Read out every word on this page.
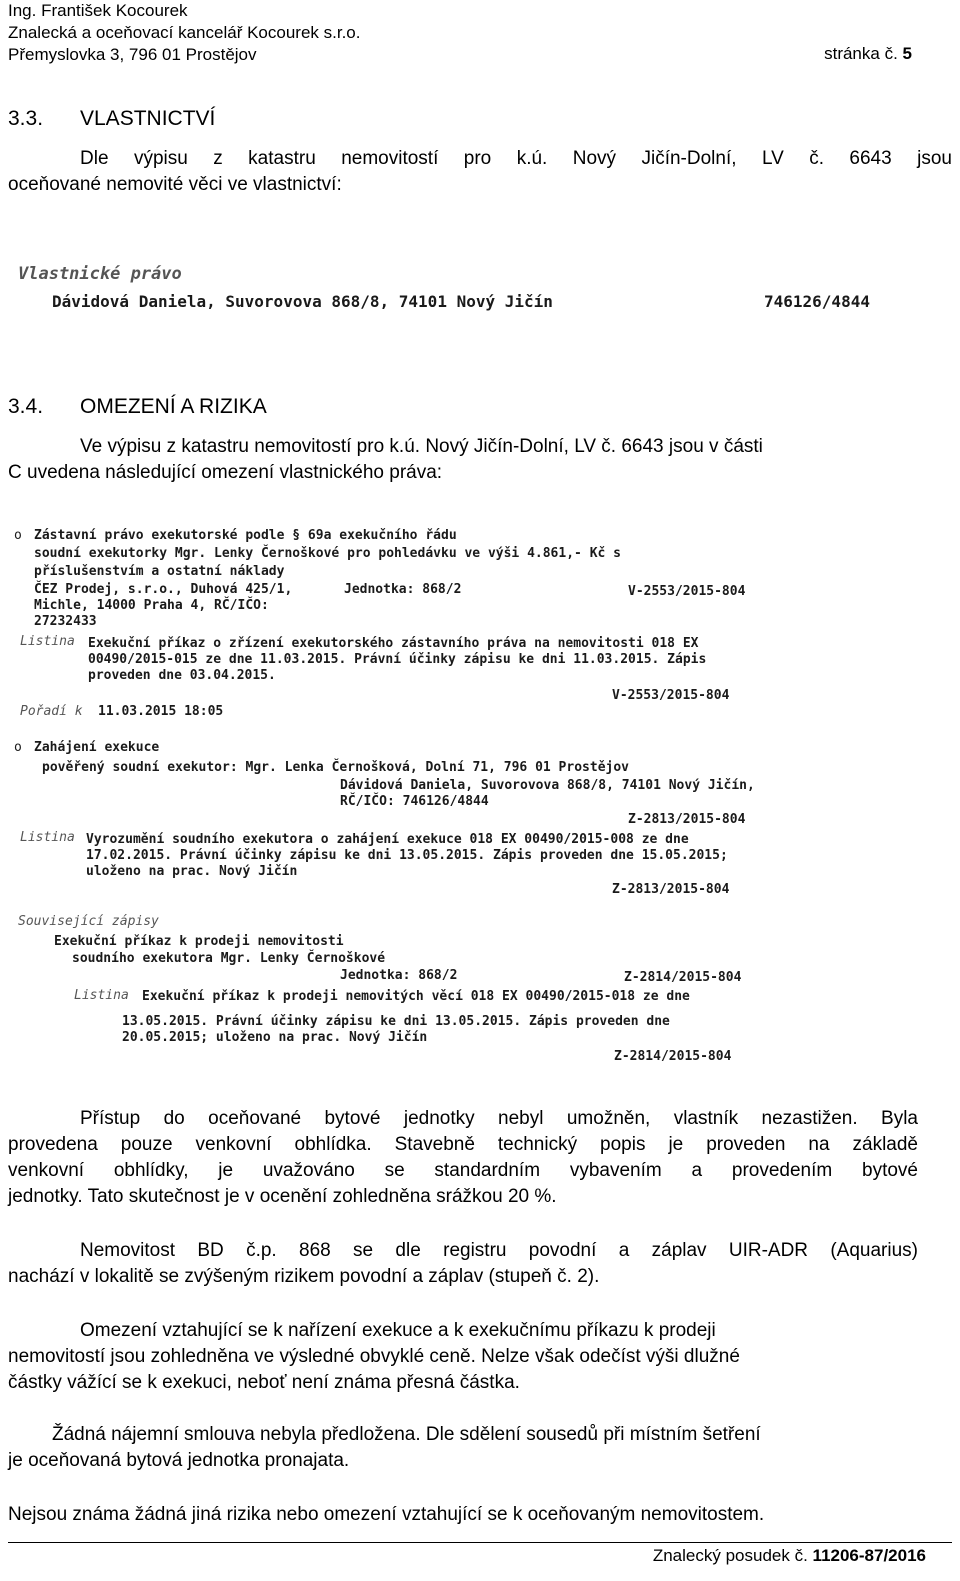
Ing. František Kocourek
Znalecká a oceňovací kancelář Kocourek s.r.o.
Přemyslovka 3, 796 01 Prostějov	stránka č. 5
3.3. VLASTNICTVÍ
Dle výpisu z katastru nemovitostí pro k.ú. Nový Jičín-Dolní, LV č. 6643 jsou
oceňované nemovité věci ve vlastnictví:
Vlastnické právo
Dávidová Daniela, Suvorovova 868/8, 74101 Nový Jičín	746126/4844
3.4. OMEZENÍ A RIZIKA
Ve výpisu z katastru nemovitostí pro k.ú. Nový Jičín-Dolní, LV č. 6643 jsou v části
C uvedena následující omezení vlastnického práva:
o Zástavní právo exekutorské podle § 69a exekučního řádu
soudní exekutorky Mgr. Lenky Černoškové pro pohledávku ve výši 4.861,- Kč s
příslušenstvím a ostatní náklady
ČEZ Prodej, s.r.o., Duhová 425/1,	Jednotka: 868/2	V-2553/2015-804
Michle, 14000 Praha 4, RČ/IČO:
27232433
Listina Exekuční příkaz o zřízení exekutorského zástavního práva na nemovitosti 018 EX
00490/2015-015 ze dne 11.03.2015. Právní účinky zápisu ke dni 11.03.2015. Zápis
proveden dne 03.04.2015.
V-2553/2015-804
Pořadí k 11.03.2015 18:05
o Zahájení exekuce
pověřený soudní exekutor: Mgr. Lenka Černošková, Dolní 71, 796 01 Prostějov
Dávidová Daniela, Suvorovova 868/8, 74101 Nový Jičín,
RČ/IČO: 746126/4844
Z-2813/2015-804
Listina Vyrozumění soudního exekutora o zahájení exekuce 018 EX 00490/2015-008 ze dne
17.02.2015. Právní účinky zápisu ke dni 13.05.2015. Zápis proveden dne 15.05.2015;
uloženo na prac. Nový Jičín
Z-2813/2015-804
Související zápisy
Exekuční příkaz k prodeji nemovitosti
soudního exekutora Mgr. Lenky Černoškové
Jednotka: 868/2	Z-2814/2015-804
Listina Exekuční příkaz k prodeji nemovitých věcí 018 EX 00490/2015-018 ze dne
13.05.2015. Právní účinky zápisu ke dni 13.05.2015. Zápis proveden dne
20.05.2015; uloženo na prac. Nový Jičín
Z-2814/2015-804
Přístup do oceňované bytové jednotky nebyl umožněn, vlastník nezastižen. Byla
provedena pouze venkovní obhlídka. Stavebně technický popis je proveden na základě
venkovní obhlídky, je uvažováno se standardním vybavením a provedením bytové
jednotky. Tato skutečnost je v ocenění zohledněna srážkou 20 %.
Nemovitost BD č.p. 868 se dle registru povodní a záplav UIR-ADR (Aquarius)
nachází v lokalitě se zvýšeným rizikem povodní a záplav (stupeň č. 2).
Omezení vztahující se k nařízení exekuce a k exekučnímu příkazu k prodeji
nemovitostí jsou zohledněna ve výsledné obvyklé ceně. Nelze však odečíst výši dlužné
částky vážící se k exekuci, neboť není známa přesná částka.
Žádná nájemní smlouva nebyla předložena. Dle sdělení sousedů při místním šetření
je oceňovaná bytová jednotka pronajata.
Nejsou známa žádná jiná rizika nebo omezení vztahující se k oceňovaným nemovitostem.
Znalecký posudek č. 11206-87/2016
